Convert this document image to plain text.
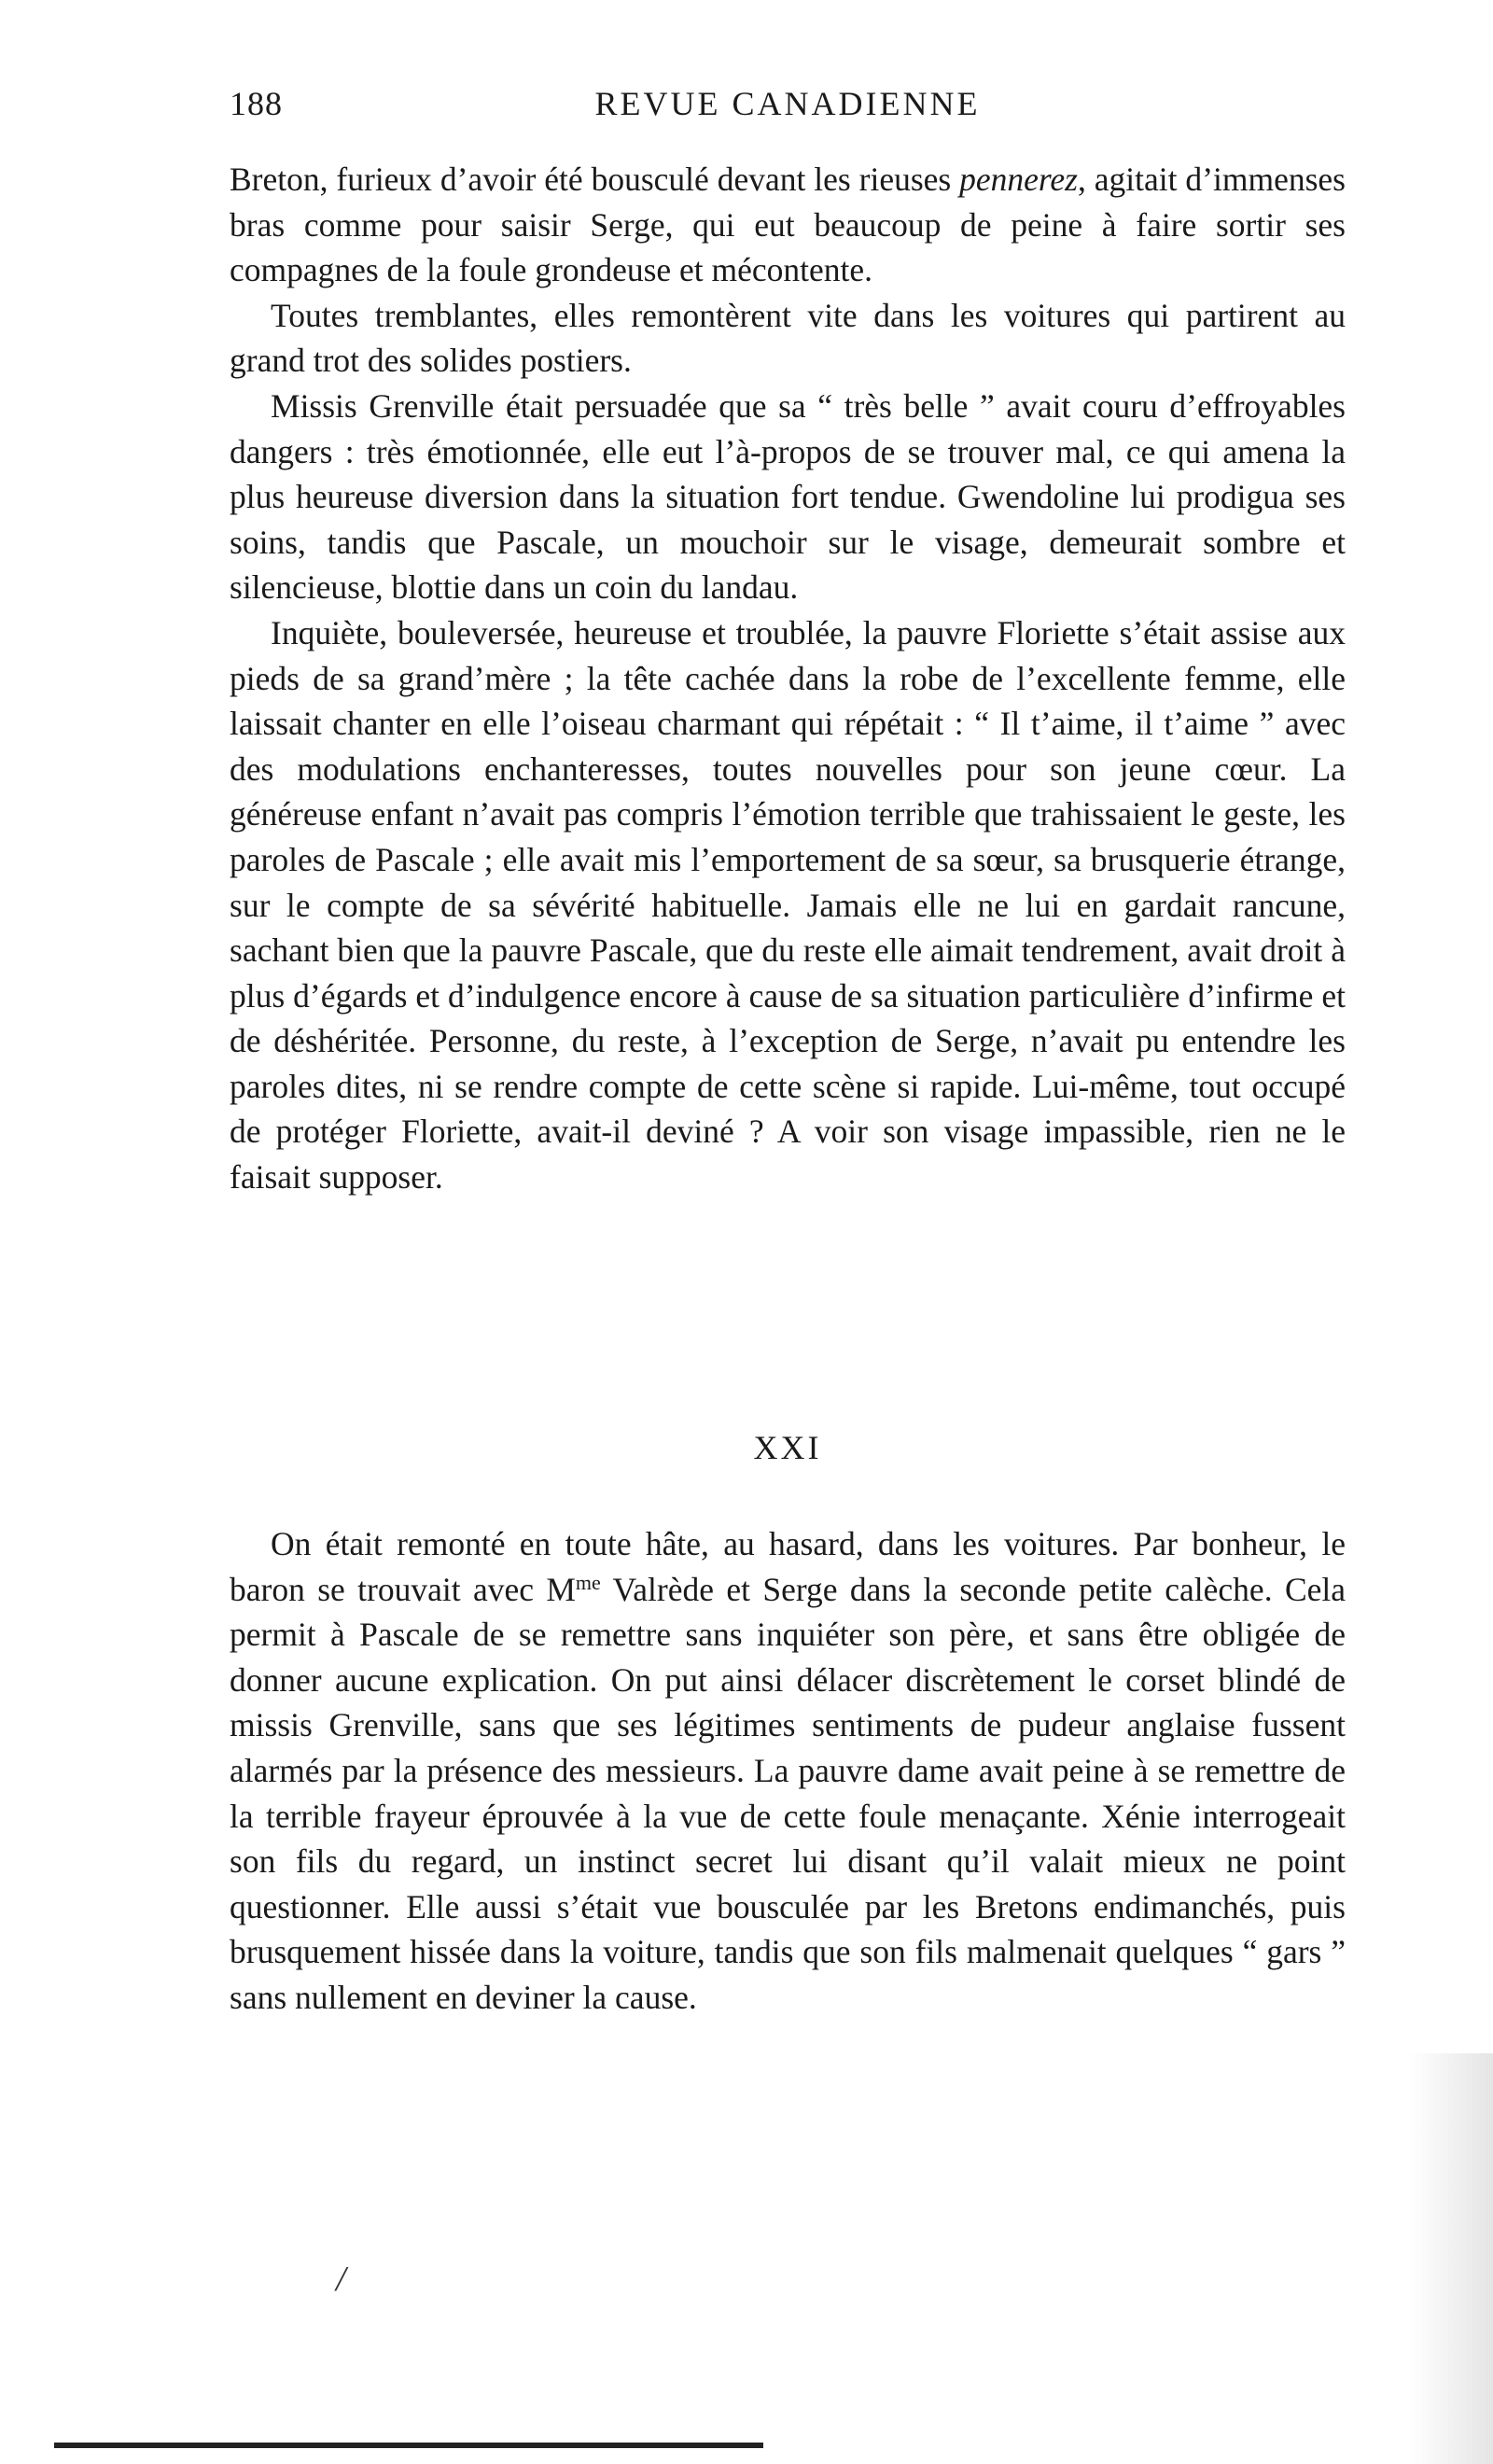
188	REVUE CANADIENNE

Breton, furieux d’avoir été bousculé devant les rieuses pennerez, agitait d’immenses bras comme pour saisir Serge, qui eut beaucoup de peine à faire sortir ses compagnes de la foule grondeuse et mécontente.

Toutes tremblantes, elles remontèrent vite dans les voitures qui partirent au grand trot des solides postiers.

Missis Grenville était persuadée que sa “ très belle ” avait couru d’effroyables dangers : très émotionnée, elle eut l’à-propos de se trouver mal, ce qui amena la plus heureuse diversion dans la situation fort tendue. Gwendoline lui prodigua ses soins, tandis que Pascale, un mouchoir sur le visage, demeurait sombre et silencieuse, blottie dans un coin du landau.

Inquiète, bouleversée, heureuse et troublée, la pauvre Floriette s’était assise aux pieds de sa grand’mère ; la tête cachée dans la robe de l’excellente femme, elle laissait chanter en elle l’oiseau charmant qui répétait : “ Il t’aime, il t’aime ” avec des modulations enchanteresses, toutes nouvelles pour son jeune cœur. La généreuse enfant n’avait pas compris l’émotion terrible que trahissaient le geste, les paroles de Pascale ; elle avait mis l’emportement de sa sœur, sa brusquerie étrange, sur le compte de sa sévérité habituelle. Jamais elle ne lui en gardait rancune, sachant bien que la pauvre Pascale, que du reste elle aimait tendrement, avait droit à plus d’égards et d’indulgence encore à cause de sa situation particulière d’infirme et de déshéritée. Personne, du reste, à l’exception de Serge, n’avait pu entendre les paroles dites, ni se rendre compte de cette scène si rapide. Lui-même, tout occupé de protéger Floriette, avait-il deviné ? A voir son visage impassible, rien ne le faisait supposer.

XXI

On était remonté en toute hâte, au hasard, dans les voitures. Par bonheur, le baron se trouvait avec $M^{me}$ Valrède et Serge dans la seconde petite calèche. Cela permit à Pascale de se remettre sans inquiéter son père, et sans être obligée de donner aucune explication. On put ainsi délacer discrètement le corset blindé de missis Grenville, sans que ses légitimes sentiments de pudeur anglaise fussent alarmés par la présence des messieurs. La pauvre dame avait peine à se remettre de la terrible frayeur éprouvée à la vue de cette foule menaçante. Xénie interrogeait son fils du regard, un instinct secret lui disant qu’il valait mieux ne point questionner. Elle aussi s’était vue bousculée par les Bretons endimanchés, puis brusquement hissée dans la voiture, tandis que son fils malmenait quelques “ gars ” sans nullement en deviner la cause.

/
